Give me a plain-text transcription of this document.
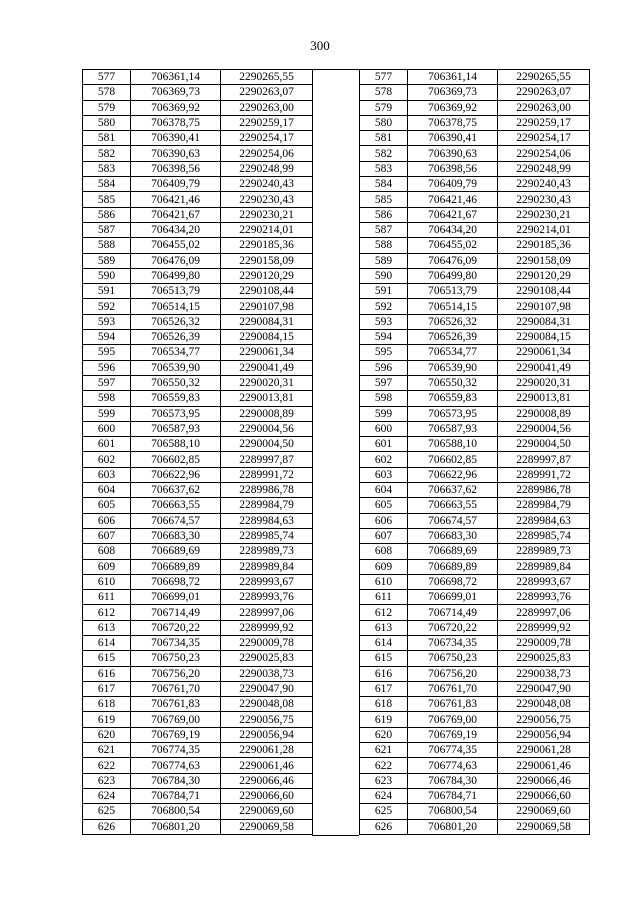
300
577	706361,14	2290265,55
578	706369,73	2290263,07
579	706369,92	2290263,00
580	706378,75	2290259,17
581	706390,41	2290254,17
582	706390,63	2290254,06
583	706398,56	2290248,99
584	706409,79	2290240,43
585	706421,46	2290230,43
586	706421,67	2290230,21
587	706434,20	2290214,01
588	706455,02	2290185,36
589	706476,09	2290158,09
590	706499,80	2290120,29
591	706513,79	2290108,44
592	706514,15	2290107,98
593	706526,32	2290084,31
594	706526,39	2290084,15
595	706534,77	2290061,34
596	706539,90	2290041,49
597	706550,32	2290020,31
598	706559,83	2290013,81
599	706573,95	2290008,89
600	706587,93	2290004,56
601	706588,10	2290004,50
602	706602,85	2289997,87
603	706622,96	2289991,72
604	706637,62	2289986,78
605	706663,55	2289984,79
606	706674,57	2289984,63
607	706683,30	2289985,74
608	706689,69	2289989,73
609	706689,89	2289989,84
610	706698,72	2289993,67
611	706699,01	2289993,76
612	706714,49	2289997,06
613	706720,22	2289999,92
614	706734,35	2290009,78
615	706750,23	2290025,83
616	706756,20	2290038,73
617	706761,70	2290047,90
618	706761,83	2290048,08
619	706769,00	2290056,75
620	706769,19	2290056,94
621	706774,35	2290061,28
622	706774,63	2290061,46
623	706784,30	2290066,46
624	706784,71	2290066,60
625	706800,54	2290069,60
626	706801,20	2290069,58
577	706361,14	2290265,55
578	706369,73	2290263,07
579	706369,92	2290263,00
580	706378,75	2290259,17
581	706390,41	2290254,17
582	706390,63	2290254,06
583	706398,56	2290248,99
584	706409,79	2290240,43
585	706421,46	2290230,43
586	706421,67	2290230,21
587	706434,20	2290214,01
588	706455,02	2290185,36
589	706476,09	2290158,09
590	706499,80	2290120,29
591	706513,79	2290108,44
592	706514,15	2290107,98
593	706526,32	2290084,31
594	706526,39	2290084,15
595	706534,77	2290061,34
596	706539,90	2290041,49
597	706550,32	2290020,31
598	706559,83	2290013,81
599	706573,95	2290008,89
600	706587,93	2290004,56
601	706588,10	2290004,50
602	706602,85	2289997,87
603	706622,96	2289991,72
604	706637,62	2289986,78
605	706663,55	2289984,79
606	706674,57	2289984,63
607	706683,30	2289985,74
608	706689,69	2289989,73
609	706689,89	2289989,84
610	706698,72	2289993,67
611	706699,01	2289993,76
612	706714,49	2289997,06
613	706720,22	2289999,92
614	706734,35	2290009,78
615	706750,23	2290025,83
616	706756,20	2290038,73
617	706761,70	2290047,90
618	706761,83	2290048,08
619	706769,00	2290056,75
620	706769,19	2290056,94
621	706774,35	2290061,28
622	706774,63	2290061,46
623	706784,30	2290066,46
624	706784,71	2290066,60
625	706800,54	2290069,60
626	706801,20	2290069,58
